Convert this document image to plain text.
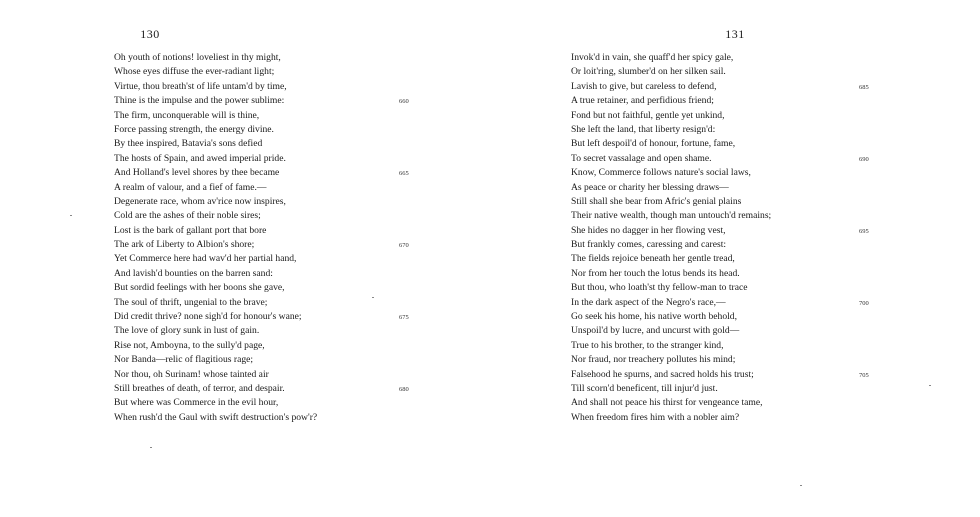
130
Oh youth of notions! loveliest in thy might,
Whose eyes diffuse the ever-radiant light;
Virtue, thou breath'st of life untam'd by time,
Thine is the impulse and the power sublime:	660
The firm, unconquerable will is thine,
Force passing strength, the energy divine.
By thee inspired, Batavia's sons defied
The hosts of Spain, and awed imperial pride.
And Holland's level shores by thee became	665
A realm of valour, and a fief of fame.—
Degenerate race, whom av'rice now inspires,
Cold are the ashes of their noble sires;
Lost is the bark of gallant port that bore
The ark of Liberty to Albion's shore;	670
Yet Commerce here had wav'd her partial hand,
And lavish'd bounties on the barren sand:
But sordid feelings with her boons she gave,
The soul of thrift, ungenial to the brave;
Did credit thrive? none sigh'd for honour's wane;	675
The love of glory sunk in lust of gain.
Rise not, Amboyna, to the sully'd page,
Nor Banda—relic of flagitious rage;
Nor thou, oh Surinam! whose tainted air
Still breathes of death, of terror, and despair.	680
But where was Commerce in the evil hour,
When rush'd the Gaul with swift destruction's pow'r?
131
Invok'd in vain, she quaff'd her spicy gale,
Or loit'ring, slumber'd on her silken sail.
Lavish to give, but careless to defend,	685
A true retainer, and perfidious friend;
Fond but not faithful, gentle yet unkind,
She left the land, that liberty resign'd:
But left despoil'd of honour, fortune, fame,
To secret vassalage and open shame.	690
Know, Commerce follows nature's social laws,
As peace or charity her blessing draws—
Still shall she bear from Afric's genial plains
Their native wealth, though man untouch'd remains;
She hides no dagger in her flowing vest,	695
But frankly comes, caressing and carest:
The fields rejoice beneath her gentle tread,
Nor from her touch the lotus bends its head.
But thou, who loath'st thy fellow-man to trace
In the dark aspect of the Negro's race,—	700
Go seek his home, his native worth behold,
Unspoil'd by lucre, and uncurst with gold—
True to his brother, to the stranger kind,
Nor fraud, nor treachery pollutes his mind;
Falsehood he spurns, and sacred holds his trust;	705
Till scorn'd beneficent, till injur'd just.
And shall not peace his thirst for vengeance tame,
When freedom fires him with a nobler aim?
